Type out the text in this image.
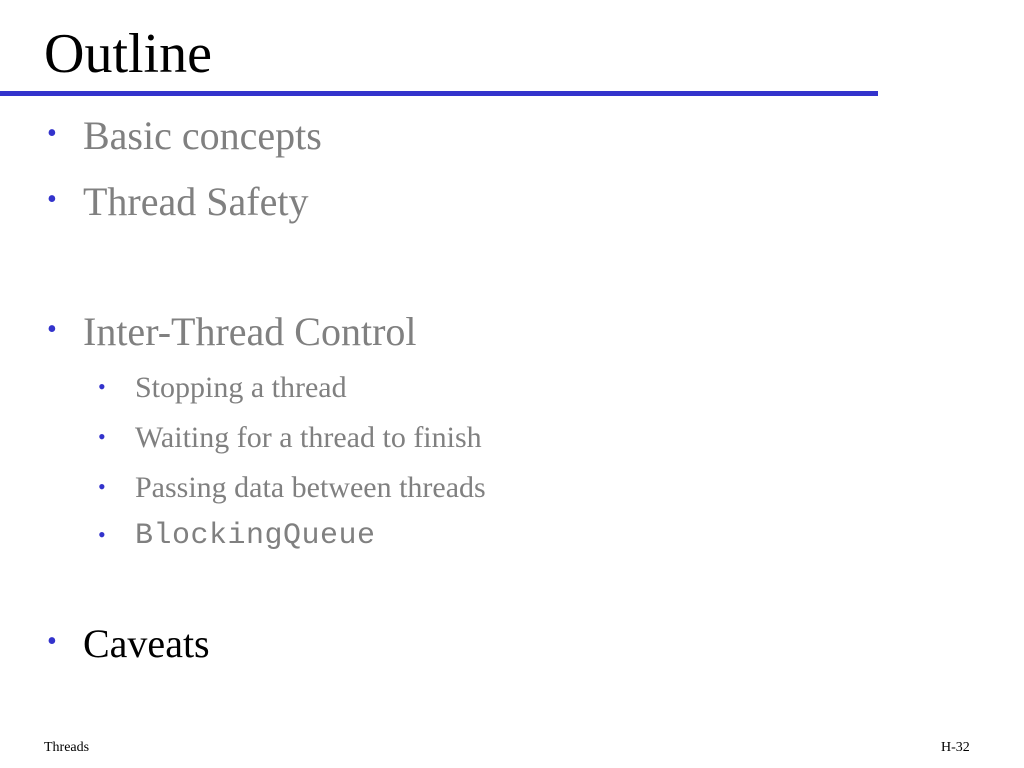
Outline
• Basic concepts
• Thread Safety
• Inter-Thread Control
• Stopping a thread
• Waiting for a thread to finish
• Passing data between threads
• BlockingQueue
• Caveats
Threads	H-32
